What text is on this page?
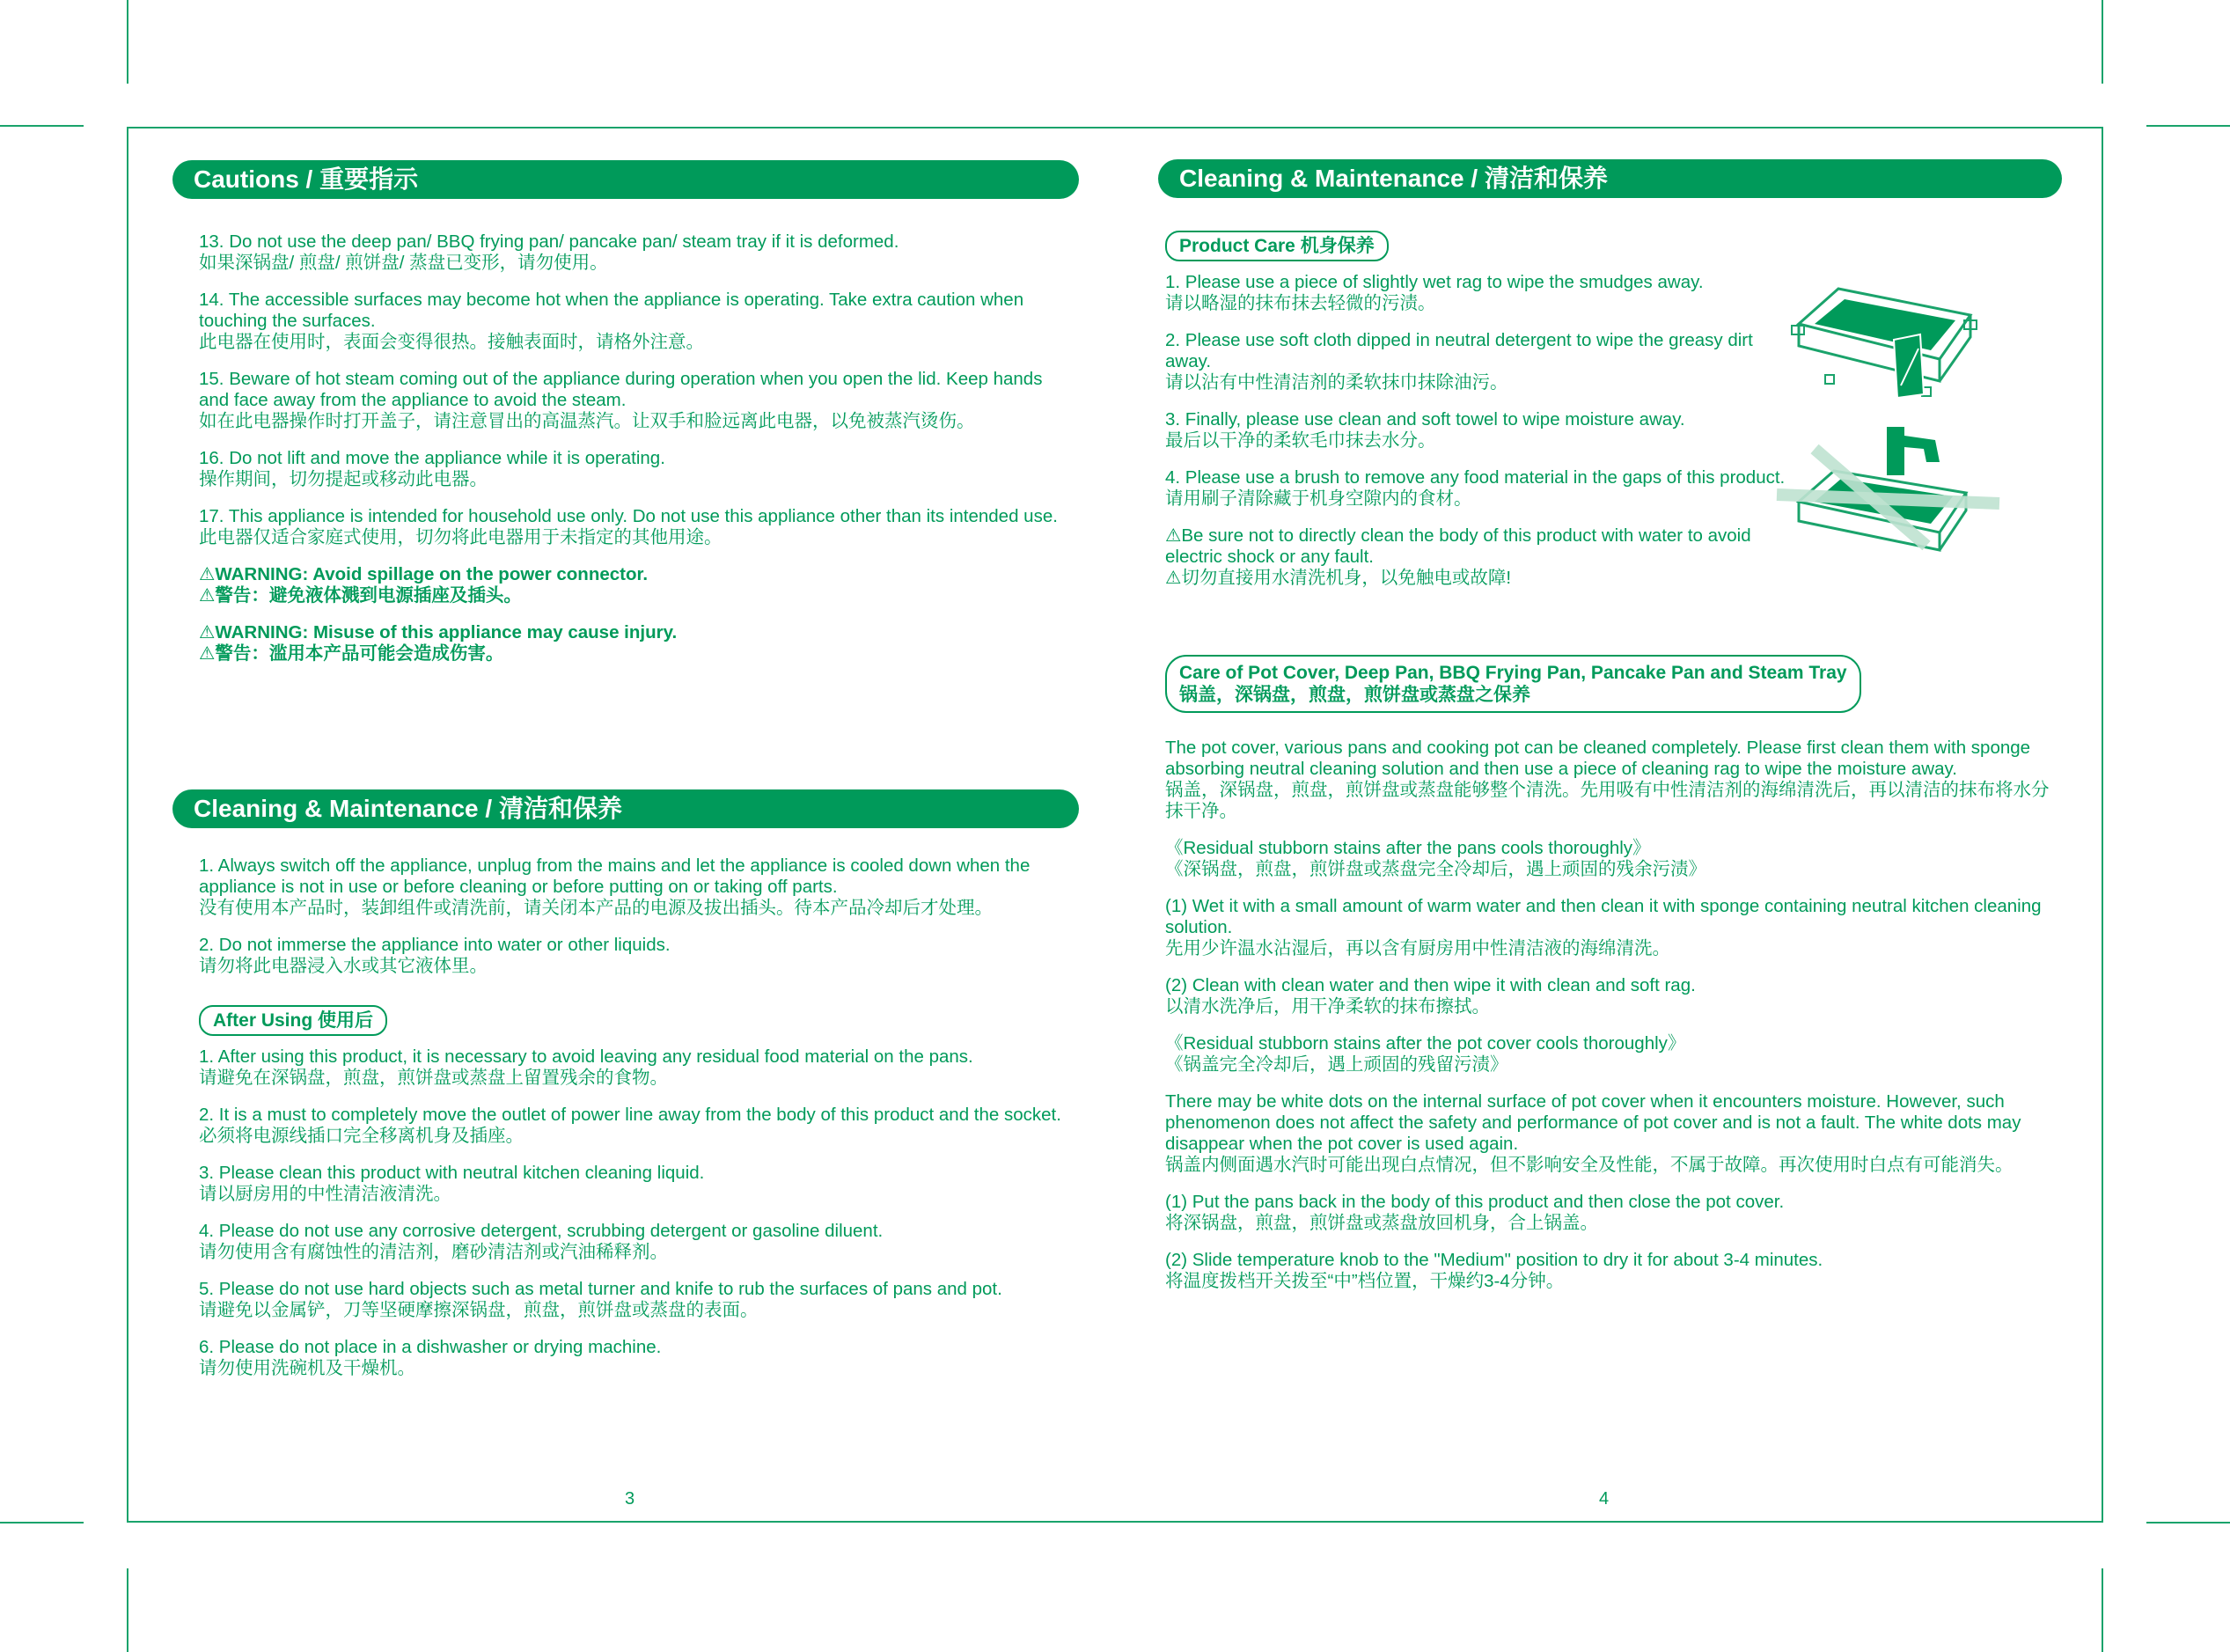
Cautions / 重要指示
13. Do not use the deep pan/ BBQ frying pan/ pancake pan/ steam tray if it is deformed.
如果深锅盘/ 煎盘/ 煎饼盘/ 蒸盘已变形，请勿使用。
14. The accessible surfaces may become hot when the appliance is operating. Take extra caution when touching the surfaces.
此电器在使用时，表面会变得很热。接触表面时，请格外注意。
15. Beware of hot steam coming out of the appliance during operation when you open the lid. Keep hands and face away from the appliance to avoid the steam.
如在此电器操作时打开盖子，请注意冒出的高温蒸汽。让双手和脸远离此电器，以免被蒸汽烫伤。
16. Do not lift and move the appliance while it is operating.
操作期间，切勿提起或移动此电器。
17. This appliance is intended for household use only. Do not use this appliance other than its intended use.
此电器仅适合家庭式使用，切勿将此电器用于未指定的其他用途。
⚠WARNING: Avoid spillage on the power connector.
⚠警告：避免液体溅到电源插座及插头。
⚠WARNING: Misuse of this appliance may cause injury.
⚠警告：滥用本产品可能会造成伤害。
Cleaning & Maintenance / 清洁和保养
1. Always switch off the appliance, unplug from the mains and let the appliance is cooled down when the appliance is not in use or before cleaning or before putting on or taking off parts.
没有使用本产品时，装卸组件或清洗前，请关闭本产品的电源及拔出插头。待本产品冷却后才处理。
2. Do not immerse the appliance into water or other liquids.
请勿将此电器浸入水或其它液体里。
After Using 使用后
1. After using this product, it is necessary to avoid leaving any residual food material on the pans.
请避免在深锅盘，煎盘，煎饼盘或蒸盘上留置残余的食物。
2. It is a must to completely move the outlet of power line away from the body of this product and the socket.
必须将电源线插口完全移离机身及插座。
3. Please clean this product with neutral kitchen cleaning liquid.
请以厨房用的中性清洁液清洗。
4. Please do not use any corrosive detergent, scrubbing detergent or gasoline diluent.
请勿使用含有腐蚀性的清洁剂，磨砂清洁剂或汽油稀释剂。
5. Please do not use hard objects such as metal turner and knife to rub the surfaces of pans and pot.
请避免以金属铲，刀等坚硬摩擦深锅盘，煎盘，煎饼盘或蒸盘的表面。
6. Please do not place in a dishwasher or drying machine.
请勿使用洗碗机及干燥机。
3
Cleaning & Maintenance / 清洁和保养
Product Care 机身保养
1. Please use a piece of slightly wet rag to wipe the smudges away.
请以略湿的抹布抹去轻微的污渍。
2. Please use soft cloth dipped in neutral detergent to wipe the greasy dirt away.
请以沾有中性清洁剂的柔软抹巾抹除油污。
3. Finally, please use clean and soft towel to wipe moisture away.
最后以干净的柔软毛巾抹去水分。
4. Please use a brush to remove any food material in the gaps of this product.
请用刷子清除藏于机身空隙内的食材。
⚠Be sure not to directly clean the body of this product with water to avoid electric shock or any fault.
⚠切勿直接用水清洗机身，以免触电或故障!
Care of Pot Cover, Deep Pan, BBQ Frying Pan, Pancake Pan and Steam Tray
锅盖，深锅盘，煎盘，煎饼盘或蒸盘之保养
The pot cover, various pans and cooking pot can be cleaned completely. Please first clean them with sponge absorbing neutral cleaning solution and then use a piece of cleaning rag to wipe the moisture away.
锅盖，深锅盘，煎盘，煎饼盘或蒸盘能够整个清洗。先用吸有中性清洁剂的海绵清洗后，再以清洁的抹布将水分抹干净。
《Residual stubborn stains after the pans cools thoroughly》
《深锅盘，煎盘，煎饼盘或蒸盘完全冷却后，遇上顽固的残余污渍》
(1) Wet it with a small amount of warm water and then clean it with sponge containing neutral kitchen cleaning solution.
先用少许温水沾湿后，再以含有厨房用中性清洁液的海绵清洗。
(2) Clean with clean water and then wipe it with clean and soft rag.
以清水洗净后，用干净柔软的抹布擦拭。
《Residual stubborn stains after the pot cover cools thoroughly》
《锅盖完全冷却后，遇上顽固的残留污渍》
There may be white dots on the internal surface of pot cover when it encounters moisture. However, such phenomenon does not affect the safety and performance of pot cover and is not a fault. The white dots may disappear when the pot cover is used again.
锅盖内侧面遇水汽时可能出现白点情况，但不影响安全及性能，不属于故障。再次使用时白点有可能消失。
(1) Put the pans back in the body of this product and then close the pot cover.
将深锅盘，煎盘，煎饼盘或蒸盘放回机身，合上锅盖。
(2) Slide temperature knob to the "Medium" position to dry it for about 3-4 minutes.
将温度拨档开关拨至“中”档位置，干燥约3-4分钟。
4
